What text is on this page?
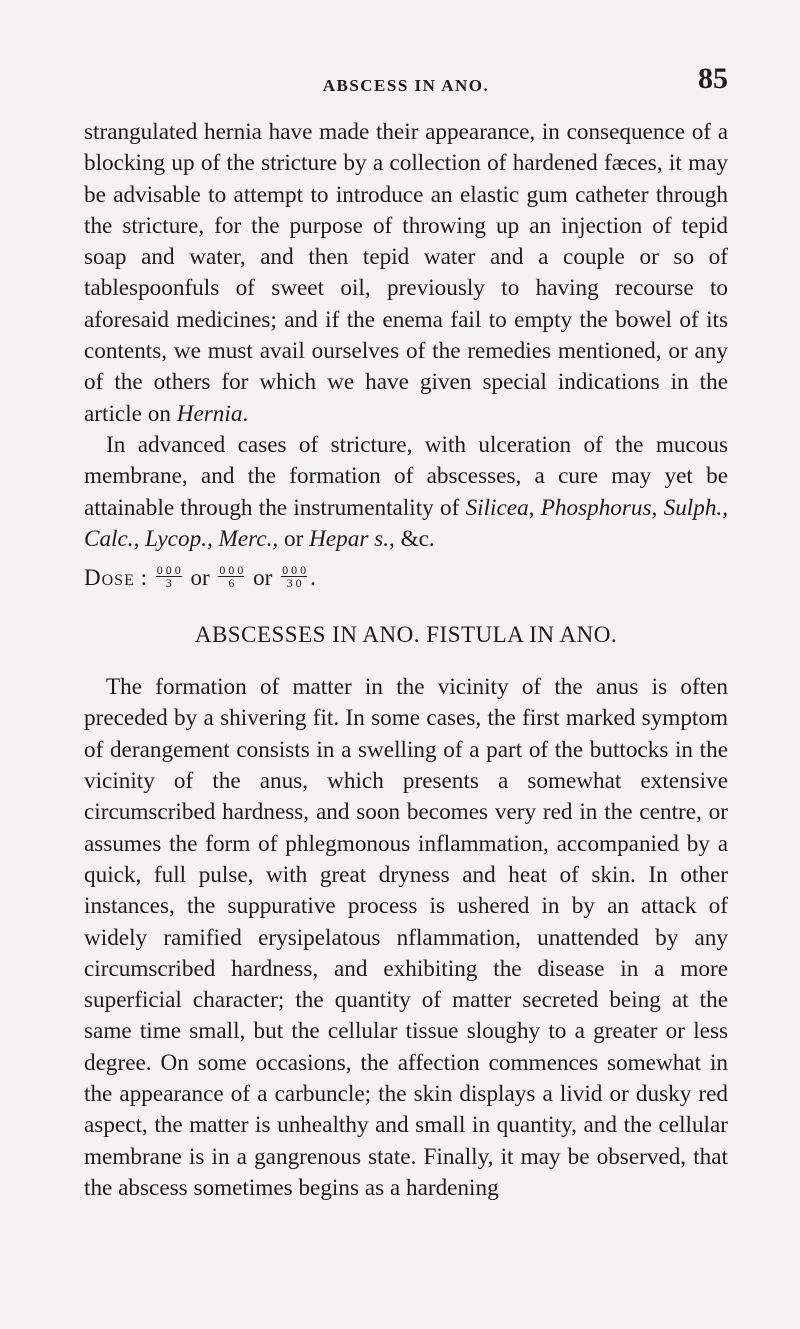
ABSCESS IN ANO.	85

strangulated hernia have made their appearance, in consequence of a blocking up of the stricture by a collection of hardened fæces, it may be advisable to attempt to introduce an elastic gum catheter through the stricture, for the purpose of throwing up an injection of tepid soap and water, and then tepid water and a couple or so of tablespoonfuls of sweet oil, previously to having recourse to aforesaid medicines; and if the enema fail to empty the bowel of its contents, we must avail ourselves of the remedies mentioned, or any of the others for which we have given special indications in the article on Hernia.

In advanced cases of stricture, with ulceration of the mucous membrane, and the formation of abscesses, a cure may yet be attainable through the instrumentality of Silicea, Phosphorus, Sulph., Calc., Lycop., Merc., or Hepar s., &c.

Dose : $\frac{0 0 0}{3}$ or $\frac{0 0 0}{6}$ or $\frac{0 0 0}{3 0}$ .
ABSCESSES IN ANO. FISTULA IN ANO.

The formation of matter in the vicinity of the anus is often preceded by a shivering fit. In some cases, the first marked symptom of derangement consists in a swelling of a part of the buttocks in the vicinity of the anus, which presents a somewhat extensive circumscribed hardness, and soon becomes very red in the centre, or assumes the form of phlegmonous inflammation, accompanied by a quick, full pulse, with great dryness and heat of skin. In other instances, the suppurative process is ushered in by an attack of widely ramified erysipelatous nflammation, unattended by any circumscribed hardness, and exhibiting the disease in a more superficial character; the quantity of matter secreted being at the same time small, but the cellular tissue sloughy to a greater or less degree. On some occasions, the affection commences somewhat in the appearance of a carbuncle; the skin displays a livid or dusky red aspect, the matter is unhealthy and small in quantity, and the cellular membrane is in a gangrenous state. Finally, it may be observed, that the abscess sometimes begins as a hardening
